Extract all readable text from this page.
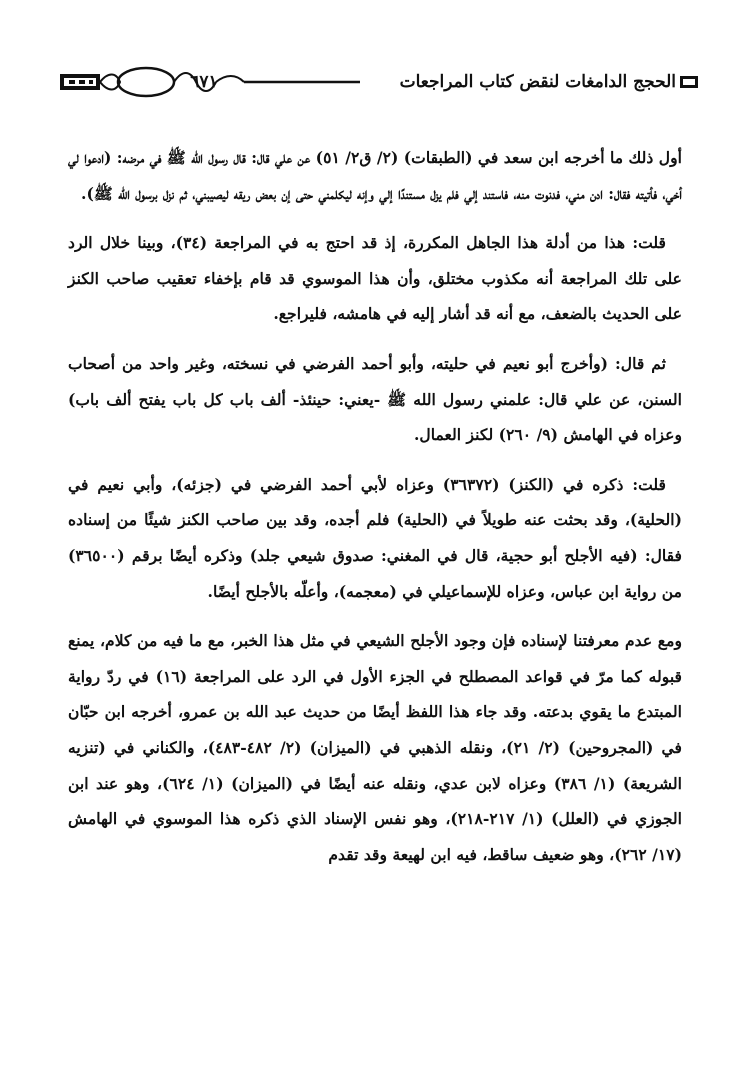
٦٧١	الحجج الدامغات لنقض كتاب المراجعات

أول ذلك ما أخرجه ابن سعد في (الطبقات) (٢/ ق٢/ ٥١) عن علي قال: قال رسول الله ﷺ في مرضه: (ادعوا لي أخي، فأتيته فقال: ادن مني، فدنوت منه، فاستند إلي فلم يزل مستندًا إلي وإنه ليكلمني حتى إن بعض ريقه ليصيبني، ثم نزل برسول الله ﷺ).

قلت: هذا من أدلة هذا الجاهل المكررة، إذ قد احتج به في المراجعة (٣٤)، وبينا خلال الرد على تلك المراجعة أنه مكذوب مختلق، وأن هذا الموسوي قد قام بإخفاء تعقيب صاحب الكنز على الحديث بالضعف، مع أنه قد أشار إليه في هامشه، فليراجع.

ثم قال: (وأخرج أبو نعيم في حليته، وأبو أحمد الفرضي في نسخته، وغير واحد من أصحاب السنن، عن علي قال: علمني رسول الله ﷺ -يعني: حينئذ- ألف باب كل باب يفتح ألف باب) وعزاه في الهامش (٩/ ٢٦٠) لكنز العمال.

قلت: ذكره في (الكنز) (٣٦٣٧٢) وعزاه لأبي أحمد الفرضي في (جزئه)، وأبي نعيم في (الحلية)، وقد بحثت عنه طويلاً في (الحلية) فلم أجده، وقد بين صاحب الكنز شيئًا من إسناده فقال: (فيه الأجلح أبو حجية، قال في المغني: صدوق شيعي جلد) وذكره أيضًا برقم (٣٦٥٠٠) من رواية ابن عباس، وعزاه للإسماعيلي في (معجمه)، وأعلّه بالأجلح أيضًا.

ومع عدم معرفتنا لإسناده فإن وجود الأجلح الشيعي في مثل هذا الخبر، مع ما فيه من كلام، يمنع قبوله كما مرّ في قواعد المصطلح في الجزء الأول في الرد على المراجعة (١٦) في ردّ رواية المبتدع ما يقوي بدعته. وقد جاء هذا اللفظ أيضًا من حديث عبد الله بن عمرو، أخرجه ابن حبّان في (المجروحين) (٢/ ٢١)، ونقله الذهبي في (الميزان) (٢/ ٤٨٢-٤٨٣)، والكناني في (تنزيه الشريعة) (١/ ٣٨٦) وعزاه لابن عدي، ونقله عنه أيضًا في (الميزان) (١/ ٦٢٤)، وهو عند ابن الجوزي في (العلل) (١/ ٢١٧-٢١٨)، وهو نفس الإسناد الذي ذكره هذا الموسوي في الهامش (١٧/ ٢٦٢)، وهو ضعيف ساقط، فيه ابن لهيعة وقد تقدم
